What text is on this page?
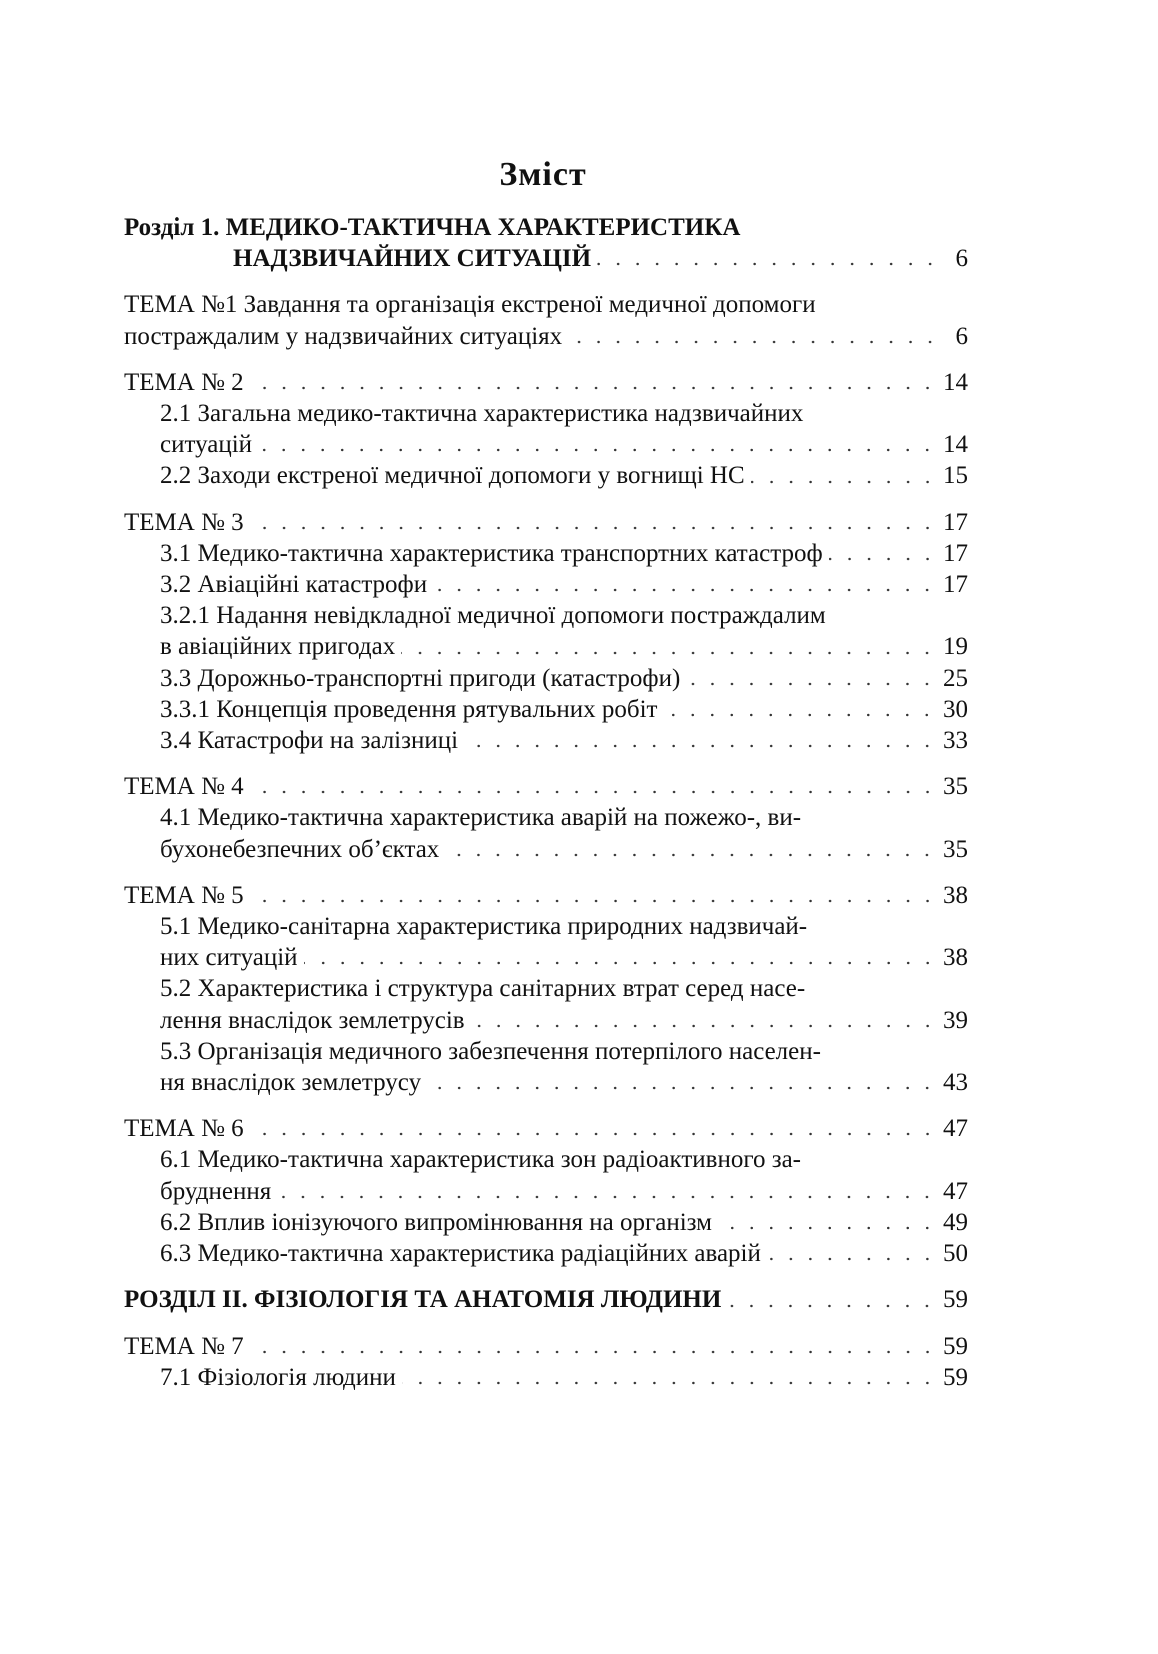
Зміст
Розділ 1. МЕДИКО-ТАКТИЧНА ХАРАКТЕРИСТИКА
НАДЗВИЧАЙНИХ СИТУАЦІЙ	6
ТЕМА №1 Завдання та організація екстреної медичної допомоги
постраждалим у надзвичайних ситуаціях	6
ТЕМА № 2	14
2.1 Загальна медико-тактична характеристика надзвичайних
ситуацій	14
2.2 Заходи екстреної медичної допомоги у вогнищі НС	15
ТЕМА № 3	17
3.1 Медико-тактична характеристика транспортних катастроф	17
3.2 Авіаційні катастрофи	17
3.2.1 Надання невідкладної медичної допомоги постраждалим
в авіаційних пригодах	19
3.3 Дорожньо-транспортні пригоди (катастрофи)	25
3.3.1 Концепція проведення рятувальних робіт	30
3.4 Катастрофи на залізниці	33
ТЕМА № 4	35
4.1 Медико-тактична характеристика аварій на пожежо-, ви-
бухонебезпечних об’єктах	35
ТЕМА № 5	38
5.1 Медико-санітарна характеристика природних надзвичай-
них ситуацій	38
5.2 Характеристика і структура санітарних втрат серед насе-
лення внаслідок землетрусів	39
5.3 Організація медичного забезпечення потерпілого населен-
ня внаслідок землетрусу	43
ТЕМА № 6	47
6.1 Медико-тактична характеристика зон радіоактивного за-
бруднення	47
6.2 Вплив іонізуючого випромінювання на організм	49
6.3 Медико-тактична характеристика радіаційних аварій	50
РОЗДІЛ ІІ. ФІЗІОЛОГІЯ ТА АНАТОМІЯ ЛЮДИНИ	59
ТЕМА № 7	59
7.1 Фізіологія людини	59
